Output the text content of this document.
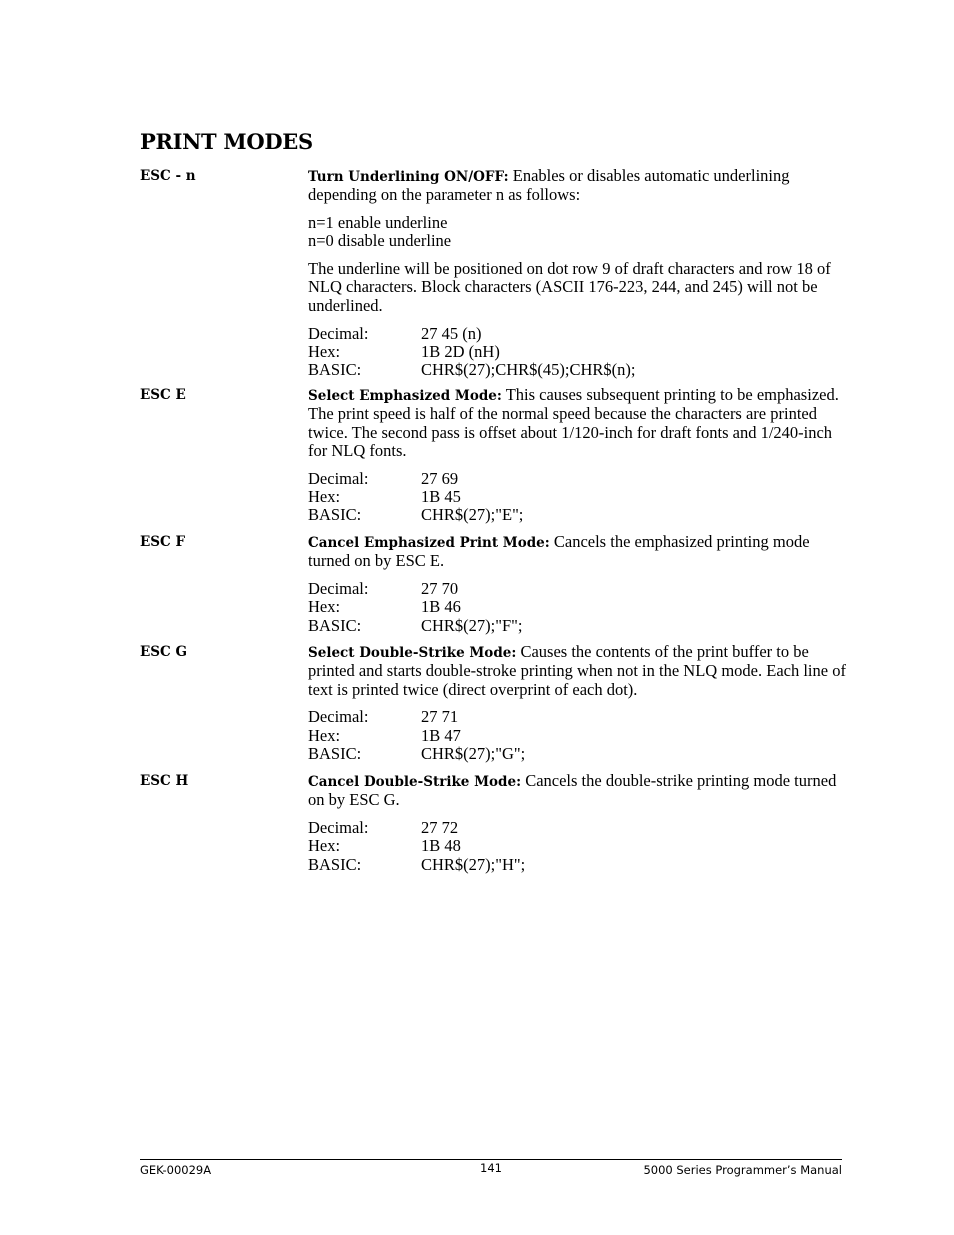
PRINT MODES
ESC - n	Turn Underlining ON/OFF: Enables or disables automatic underlining depending on the parameter n as follows:

n=1 enable underline
n=0 disable underline

The underline will be positioned on dot row 9 of draft characters and row 18 of NLQ characters. Block characters (ASCII 176-223, 244, and 245) will not be underlined.

Decimal:	27 45 (n)
Hex:	1B 2D (nH)
BASIC:	CHR$(27);CHR$(45);CHR$(n);
ESC E	Select Emphasized Mode: This causes subsequent printing to be emphasized. The print speed is half of the normal speed because the characters are printed twice. The second pass is offset about 1/120-inch for draft fonts and 1/240-inch for NLQ fonts.

Decimal:	27 69
Hex:	1B 45
BASIC:	CHR$(27);"E";
ESC F	Cancel Emphasized Print Mode: Cancels the emphasized printing mode turned on by ESC E.

Decimal:	27 70
Hex:	1B 46
BASIC:	CHR$(27);"F";
ESC G	Select Double-Strike Mode: Causes the contents of the print buffer to be printed and starts double-stroke printing when not in the NLQ mode. Each line of text is printed twice (direct overprint of each dot).

Decimal:	27 71
Hex:	1B 47
BASIC:	CHR$(27);"G";
ESC H	Cancel Double-Strike Mode: Cancels the double-strike printing mode turned on by ESC G.

Decimal:	27 72
Hex:	1B 48
BASIC:	CHR$(27);"H";
GEK-00029A	141	5000 Series Programmer’s Manual
